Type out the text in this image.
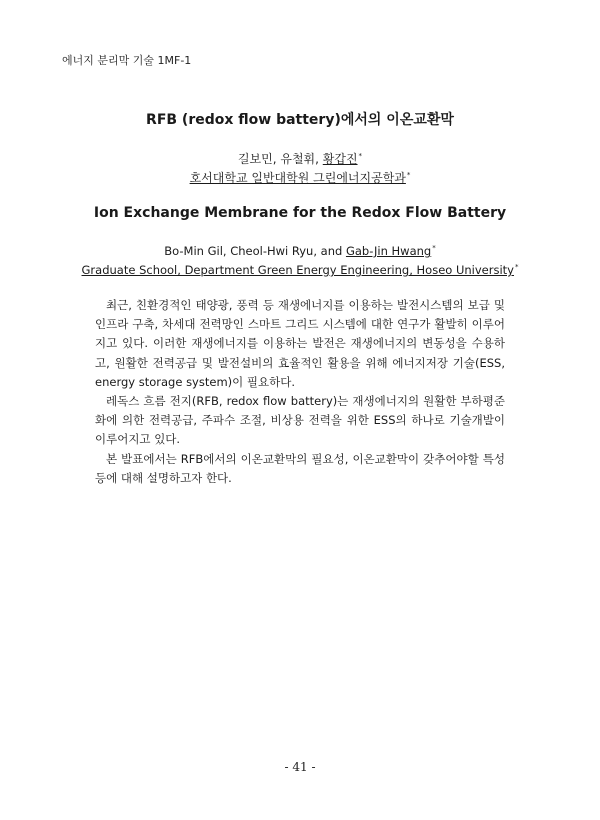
에너지 분리막 기술 1MF-1
RFB (redox flow battery)에서의 이온교환막
길보민, 유철휘, 황갑진*
호서대학교 일반대학원 그린에너지공학과*
Ion Exchange Membrane for the Redox Flow Battery
Bo-Min Gil, Cheol-Hwi Ryu, and Gab-Jin Hwang*
Graduate School, Department Green Energy Engineering, Hoseo University*

최근, 친환경적인 태양광, 풍력 등 재생에너지를 이용하는 발전시스템의 보급 및 인프라 구축, 차세대 전력망인 스마트 그리드 시스템에 대한 연구가 활발히 이루어지고 있다. 이러한 재생에너지를 이용하는 발전은 재생에너지의 변동성을 수용하고, 원활한 전력공급 및 발전설비의 효율적인 활용을 위해 에너지저장 기술(ESS, energy storage system)이 필요하다.

레독스 흐름 전지(RFB, redox flow battery)는 재생에너지의 원활한 부하평준화에 의한 전력공급, 주파수 조절, 비상용 전력을 위한 ESS의 하나로 기술개발이 이루어지고 있다.

본 발표에서는 RFB에서의 이온교환막의 필요성, 이온교환막이 갖추어야할 특성 등에 대해 설명하고자 한다.

- 41 -
